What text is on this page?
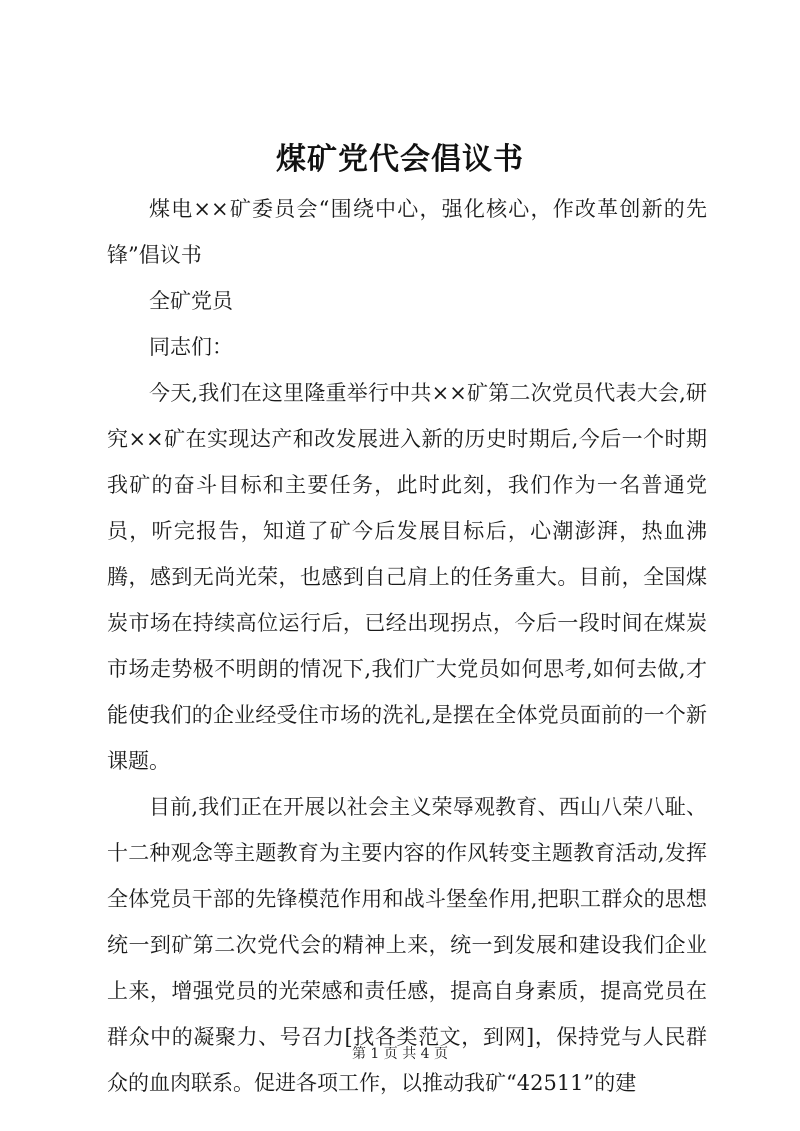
煤矿党代会倡议书

煤电××矿委员会“围绕中心，强化核心，作改革创新的先锋”倡议书

全矿党员

同志们：

今天,我们在这里隆重举行中共××矿第二次党员代表大会,研究××矿在实现达产和改发展进入新的历史时期后,今后一个时期我矿的奋斗目标和主要任务，此时此刻，我们作为一名普通党员，听完报告，知道了矿今后发展目标后，心潮澎湃，热血沸腾，感到无尚光荣，也感到自己肩上的任务重大。目前，全国煤炭市场在持续高位运行后，已经出现拐点，今后一段时间在煤炭市场走势极不明朗的情况下,我们广大党员如何思考,如何去做,才能使我们的企业经受住市场的洗礼,是摆在全体党员面前的一个新课题。

目前,我们正在开展以社会主义荣辱观教育、西山八荣八耻、十二种观念等主题教育为主要内容的作风转变主题教育活动,发挥全体党员干部的先锋模范作用和战斗堡垒作用,把职工群众的思想统一到矿第二次党代会的精神上来，统一到发展和建设我们企业上来，增强党员的光荣感和责任感，提高自身素质，提高党员在群众中的凝聚力、号召力[找各类范文，到网]，保持党与人民群众的血肉联系。促进各项工作，以推动我矿“42511”的建

第 1 页 共 4 页
